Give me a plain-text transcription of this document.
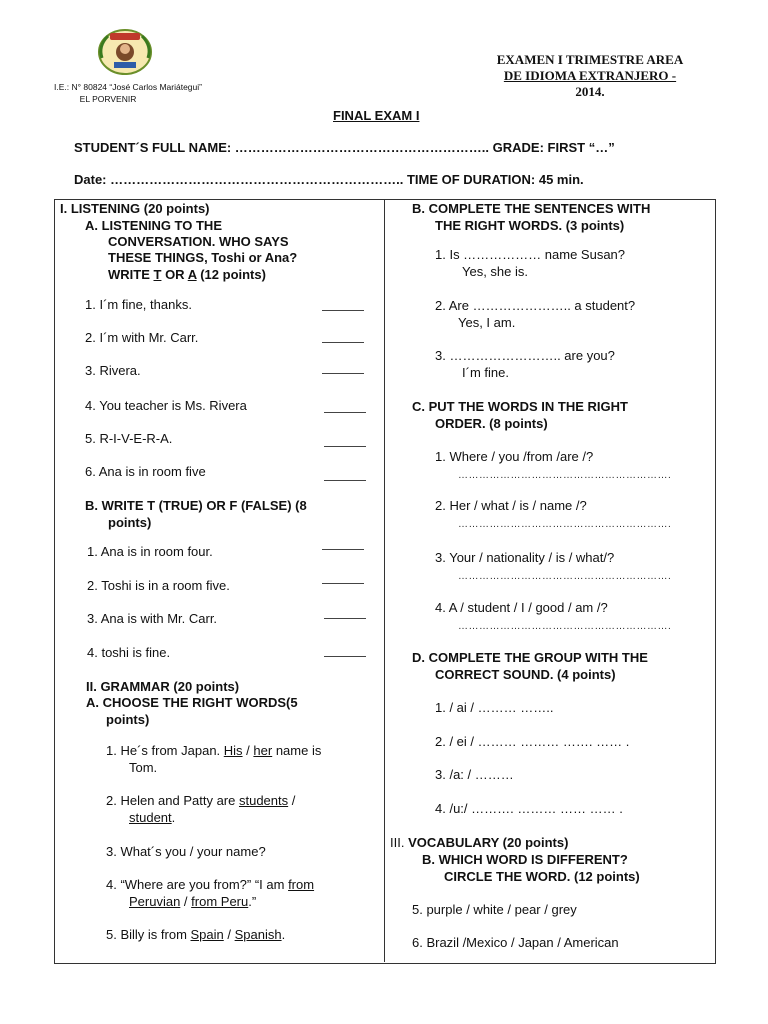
I.E.: N° 80824 “José Carlos Mariátegui”
EL PORVENIR
EXAMEN I TRIMESTRE AREA
DE IDIOMA EXTRANJERO -
2014.
FINAL EXAM I
STUDENT´S FULL NAME: ………………………………………………….. GRADE: FIRST “…”
Date: ………………………………………………………….. TIME OF DURATION: 45 min.
I. LISTENING (20 points)
A. LISTENING TO THE
CONVERSATION. WHO SAYS
THESE THINGS, Toshi or Ana?
WRITE T OR A (12 points)
1. I´m fine, thanks.
2. I´m with Mr. Carr.
3. Rivera.
4. You teacher is Ms. Rivera
5. R-I-V-E-R-A.
6. Ana is in room five
B. WRITE T (TRUE) OR F (FALSE) (8
points)
1. Ana is in room four.
2. Toshi is in a room five.
3. Ana is with Mr. Carr.
4. toshi is fine.
II. GRAMMAR (20 points)
A. CHOOSE THE RIGHT WORDS(5
points)
1. He´s from Japan. His / her name is
Tom.
2. Helen and Patty are students /
student.
3. What´s you / your name?
4. “Where are you from?” “I am from
Peruvian / from Peru.”
5. Billy is from Spain / Spanish.
B. COMPLETE THE SENTENCES WITH
THE RIGHT WORDS. (3 points)
1. Is ……………… name Susan?
Yes, she is.
2. Are ………………….. a student?
Yes, I am.
3. …………………….. are you?
I´m fine.
C. PUT THE WORDS IN THE RIGHT
ORDER. (8 points)
1. Where / you /from /are /?
…………………………………………………….
2. Her / what / is / name /?
…………………………………………………….
3. Your / nationality / is / what/?
…………………………………………………….
4. A / student / I / good / am /?
…………………………………………………….
D. COMPLETE THE GROUP WITH THE
CORRECT SOUND. (4 points)
1. / ai / ……… ……..
2. / ei / ……… ……… ……. …… .
3. /a: / ………
4. /u:/ ………. ……… …… …… .
III. VOCABULARY (20 points)
B. WHICH WORD IS DIFFERENT?
CIRCLE THE WORD. (12 points)
5. purple / white / pear / grey
6. Brazil /Mexico / Japan / American
